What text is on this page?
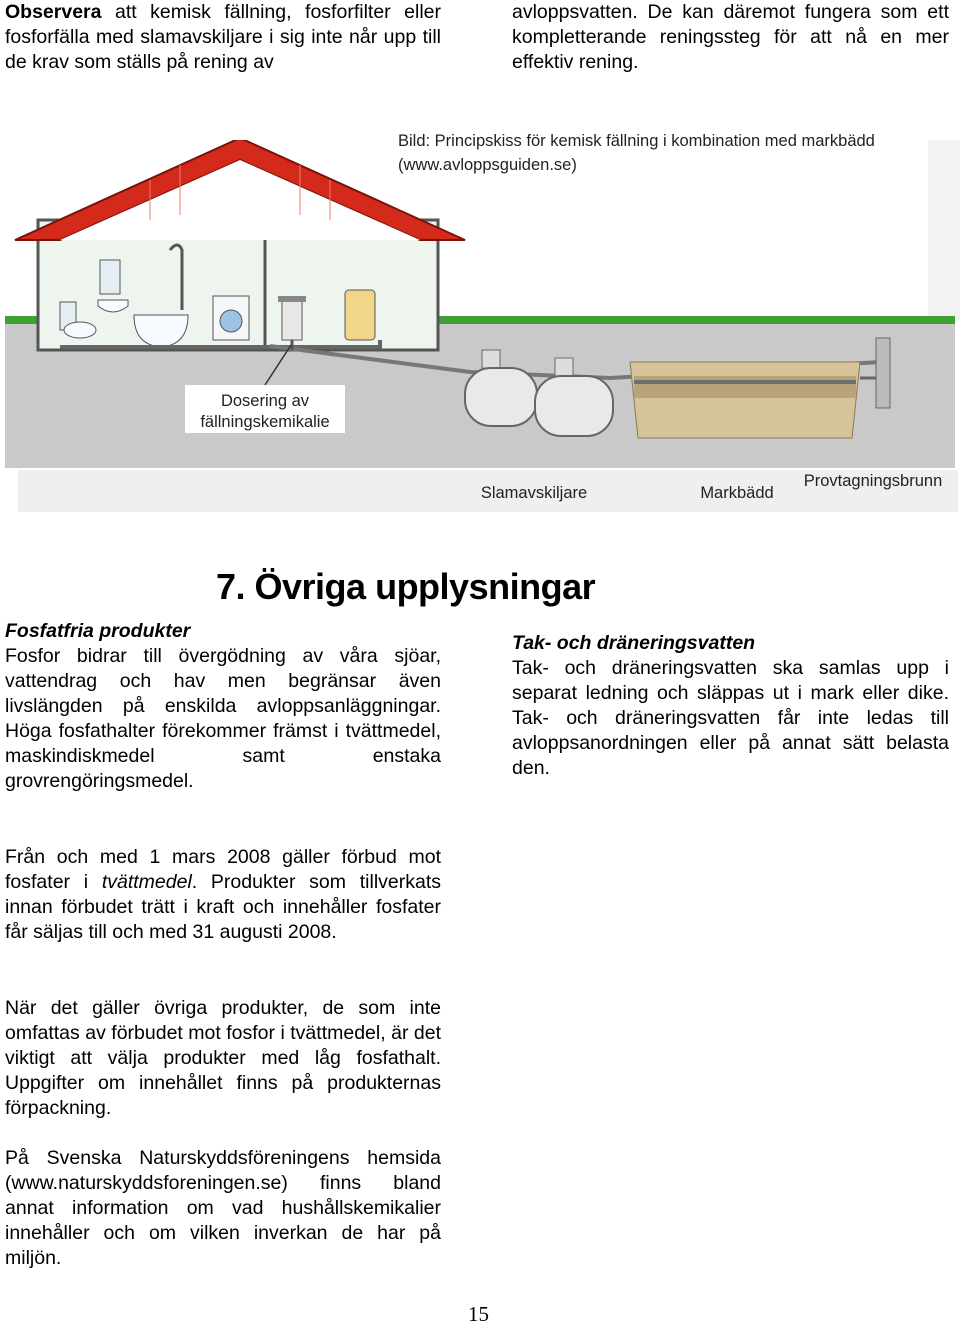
Observera att kemisk fällning, fosforfilter eller fosforfälla med slamavskiljare i sig inte når upp till de krav som ställs på rening av
avloppsvatten. De kan däremot fungera som ett kompletterande reningssteg för att nå en mer effektiv rening.
Bild: Principskiss för kemisk fällning i kombination med markbädd (www.avloppsguiden.se)
Dosering av
fällningskemikalie
Slamavskiljare	Markbädd
Provtagningsbrunn
7. Övriga upplysningar
Fosfatfria produkter
Fosfor bidrar till övergödning av våra sjöar, vattendrag och hav men begränsar även livslängden på enskilda avloppsanläggningar. Höga fosfathalter förekommer främst i tvättmedel, maskindiskmedel samt enstaka grovrengöringsmedel.
Från och med 1 mars 2008 gäller förbud mot fosfater i tvättmedel. Produkter som tillverkats innan förbudet trätt i kraft och innehåller fosfater får säljas till och med 31 augusti 2008.
När det gäller övriga produkter, de som inte omfattas av förbudet mot fosfor i tvättmedel, är det viktigt att välja produkter med låg fosfathalt. Uppgifter om innehållet finns på produkternas förpackning.
På Svenska Naturskyddsföreningens hemsida (www.naturskyddsforeningen.se) finns bland annat information om vad hushållskemikalier innehåller och om vilken inverkan de har på miljön.
Tak- och dräneringsvatten
Tak- och dräneringsvatten ska samlas upp i separat ledning och släppas ut i mark eller dike. Tak- och dräneringsvatten får inte ledas till avloppsanordningen eller på annat sätt belasta den.
15
